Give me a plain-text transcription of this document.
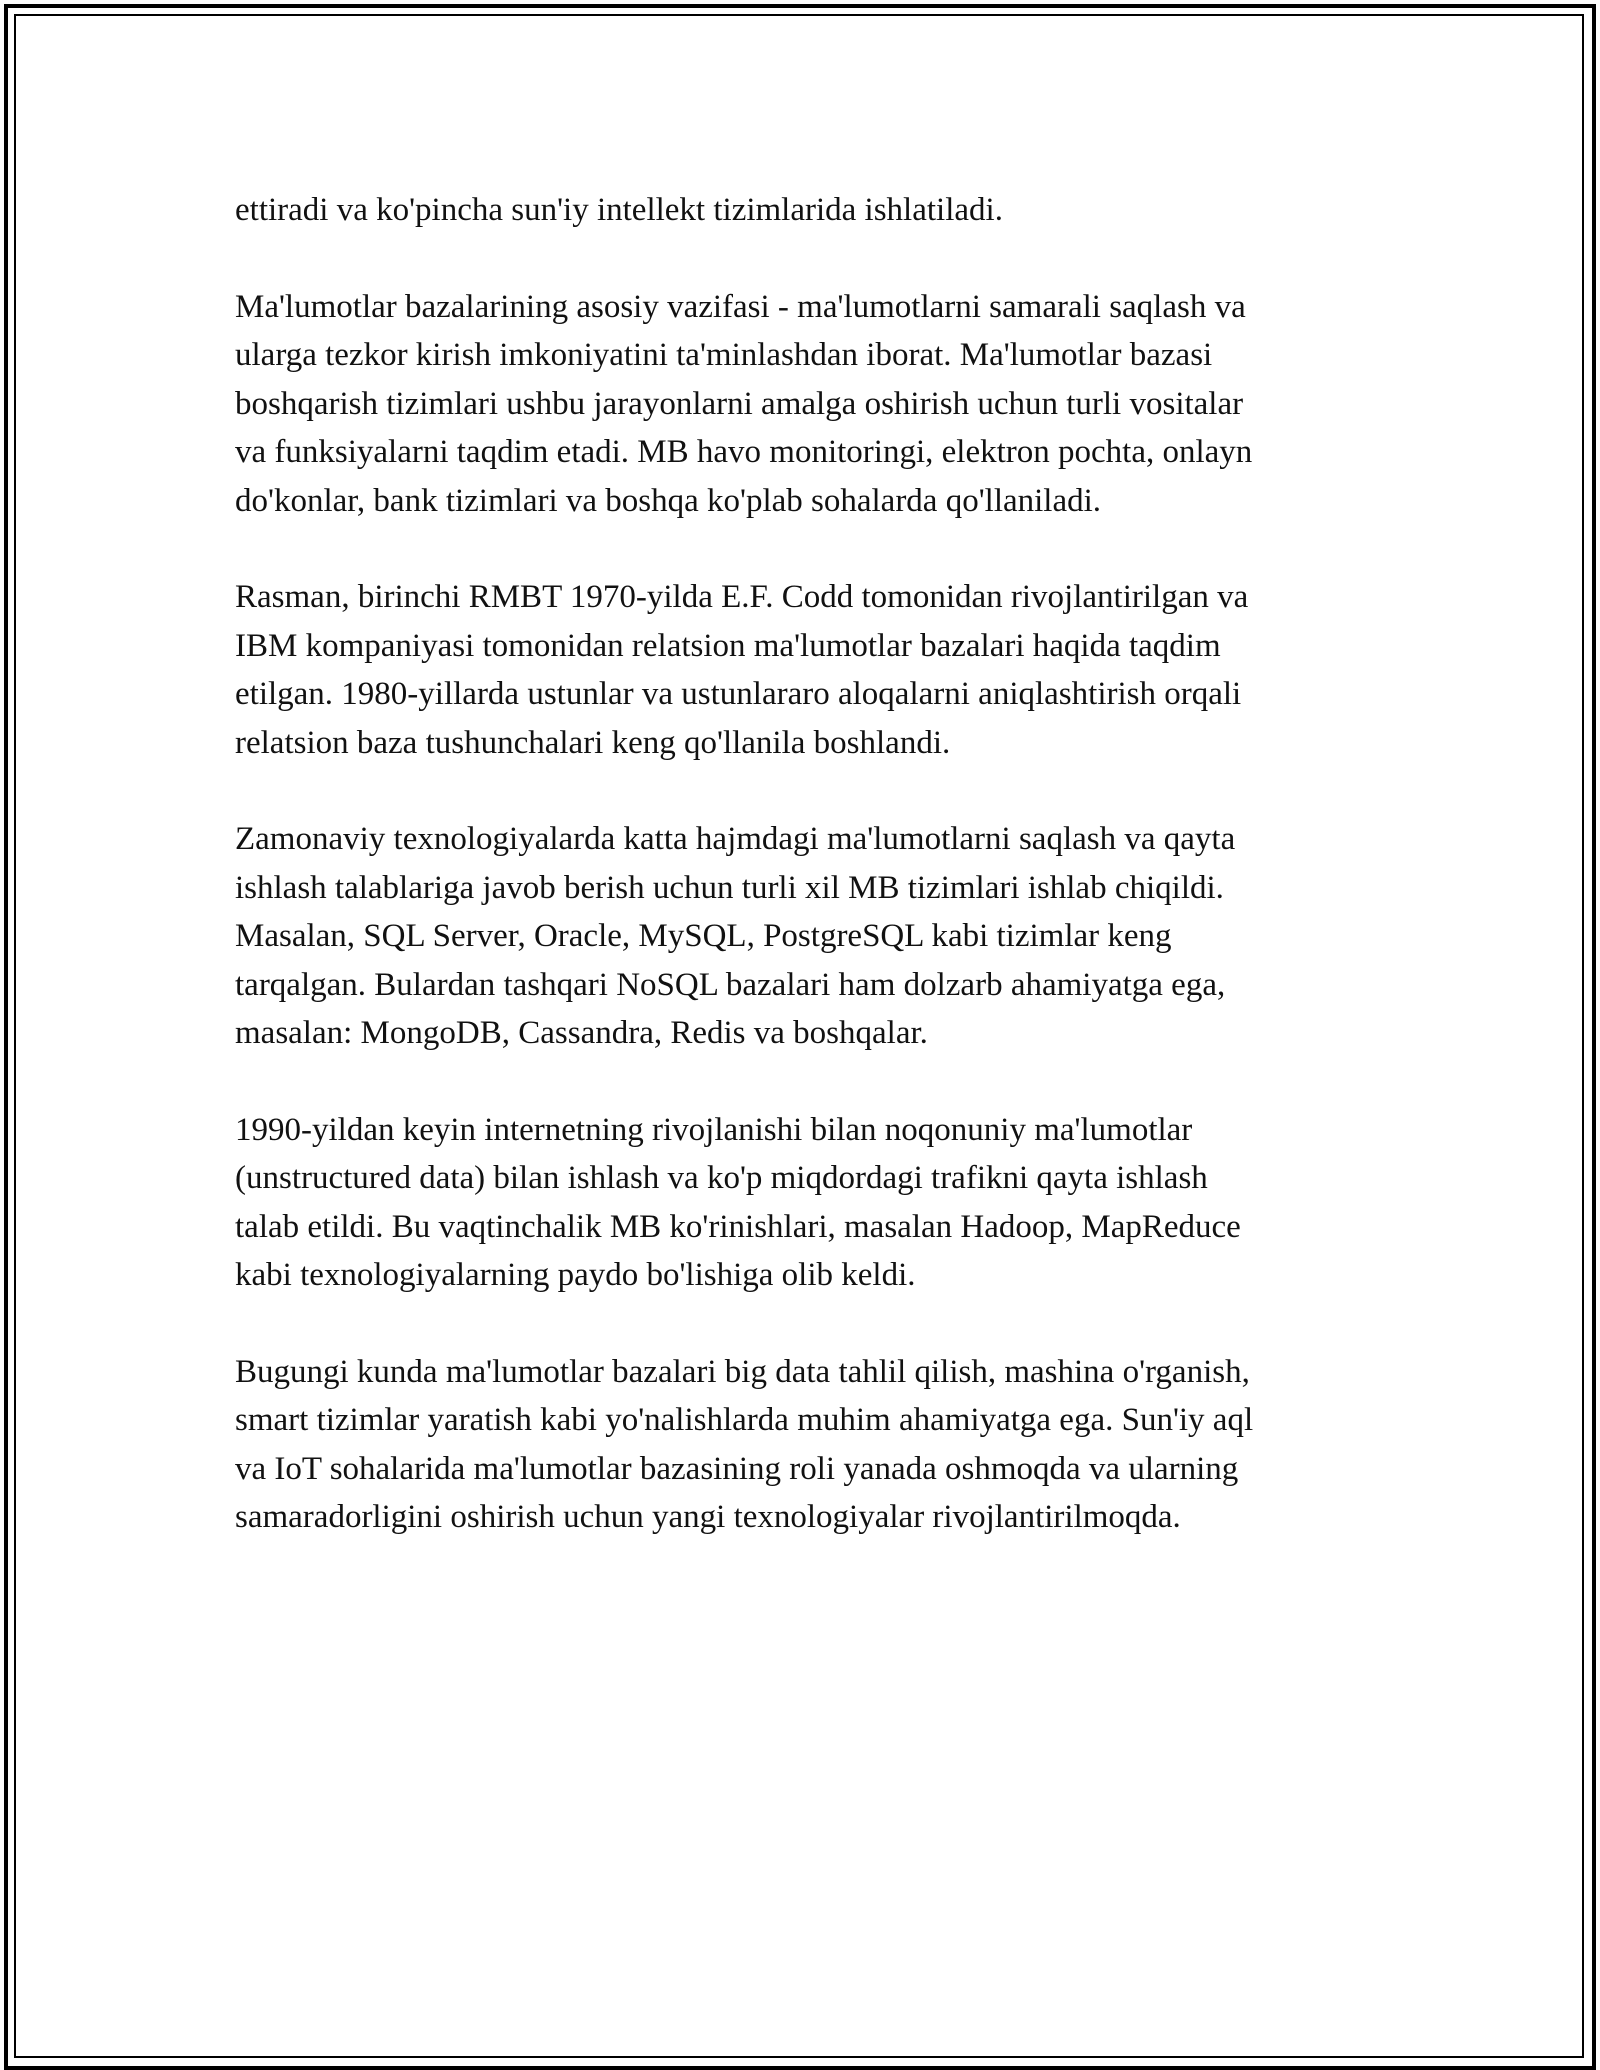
ettiradi va ko'pincha sun'iy intellekt tizimlarida ishlatiladi.

Ma'lumotlar bazalarining asosiy vazifasi - ma'lumotlarni samarali saqlash va
ularga tezkor kirish imkoniyatini ta'minlashdan iborat. Ma'lumotlar bazasi
boshqarish tizimlari ushbu jarayonlarni amalga oshirish uchun turli vositalar
va funksiyalarni taqdim etadi. MB havo monitoringi, elektron pochta, onlayn
do'konlar, bank tizimlari va boshqa ko'plab sohalarda qo'llaniladi.

Rasman, birinchi RMBT 1970-yilda E.F. Codd tomonidan rivojlantirilgan va
IBM kompaniyasi tomonidan relatsion ma'lumotlar bazalari haqida taqdim
etilgan. 1980-yillarda ustunlar va ustunlararo aloqalarni aniqlashtirish orqali
relatsion baza tushunchalari keng qo'llanila boshlandi.

Zamonaviy texnologiyalarda katta hajmdagi ma'lumotlarni saqlash va qayta
ishlash talablariga javob berish uchun turli xil MB tizimlari ishlab chiqildi.
Masalan, SQL Server, Oracle, MySQL, PostgreSQL kabi tizimlar keng
tarqalgan. Bulardan tashqari NoSQL bazalari ham dolzarb ahamiyatga ega,
masalan: MongoDB, Cassandra, Redis va boshqalar.

1990-yildan keyin internetning rivojlanishi bilan noqonuniy ma'lumotlar
(unstructured data) bilan ishlash va ko'p miqdordagi trafikni qayta ishlash
talab etildi. Bu vaqtinchalik MB ko'rinishlari, masalan Hadoop, MapReduce
kabi texnologiyalarning paydo bo'lishiga olib keldi.

Bugungi kunda ma'lumotlar bazalari big data tahlil qilish, mashina o'rganish,
smart tizimlar yaratish kabi yo'nalishlarda muhim ahamiyatga ega. Sun'iy aql
va IoT sohalarida ma'lumotlar bazasining roli yanada oshmoqda va ularning
samaradorligini oshirish uchun yangi texnologiyalar rivojlantirilmoqda.
